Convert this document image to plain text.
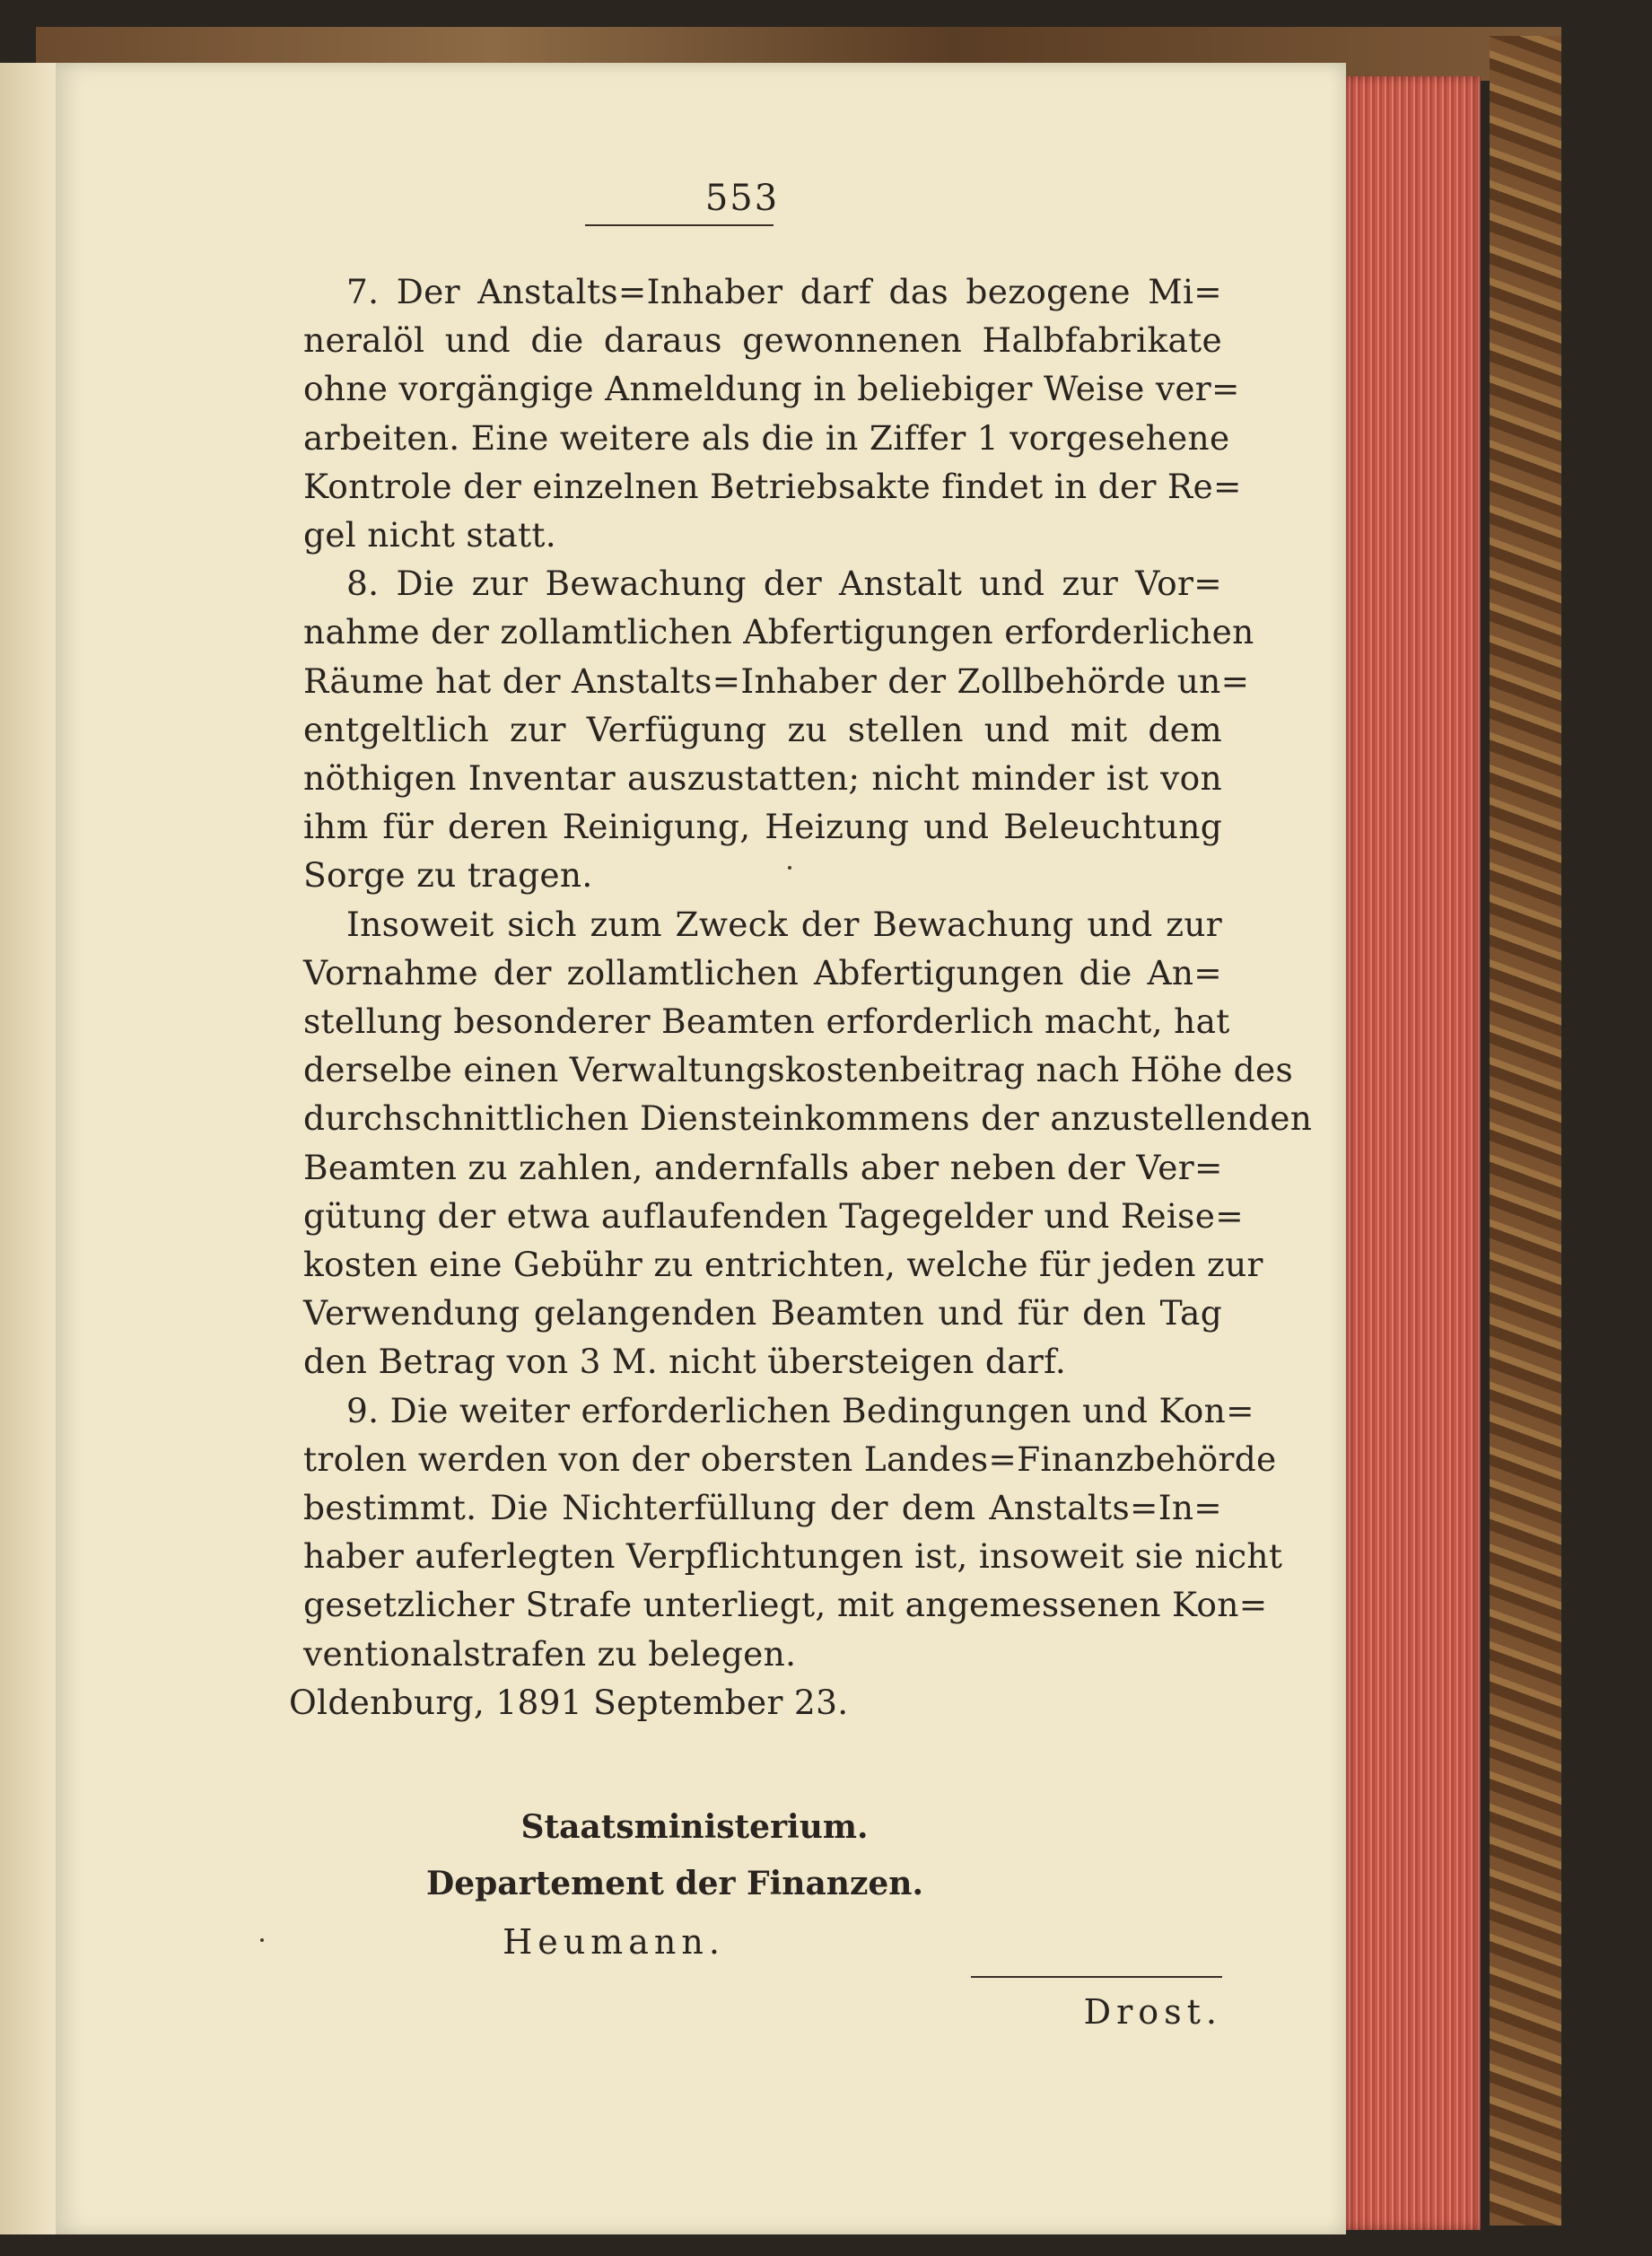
553
7. Der Anstalts=Inhaber darf das bezogene Mi=
neralöl und die daraus gewonnenen Halbfabrikate
ohne vorgängige Anmeldung in beliebiger Weise ver=
arbeiten. Eine weitere als die in Ziffer 1 vorgesehene
Kontrole der einzelnen Betriebsakte findet in der Re=
gel nicht statt.
8. Die zur Bewachung der Anstalt und zur Vor=
nahme der zollamtlichen Abfertigungen erforderlichen
Räume hat der Anstalts=Inhaber der Zollbehörde un=
entgeltlich zur Verfügung zu stellen und mit dem
nöthigen Inventar auszustatten; nicht minder ist von
ihm für deren Reinigung, Heizung und Beleuchtung
Sorge zu tragen.
Insoweit sich zum Zweck der Bewachung und zur
Vornahme der zollamtlichen Abfertigungen die An=
stellung besonderer Beamten erforderlich macht, hat
derselbe einen Verwaltungskostenbeitrag nach Höhe des
durchschnittlichen Diensteinkommens der anzustellenden
Beamten zu zahlen, andernfalls aber neben der Ver=
gütung der etwa auflaufenden Tagegelder und Reise=
kosten eine Gebühr zu entrichten, welche für jeden zur
Verwendung gelangenden Beamten und für den Tag
den Betrag von 3 M. nicht übersteigen darf.
9. Die weiter erforderlichen Bedingungen und Kon=
trolen werden von der obersten Landes=Finanzbehörde
bestimmt. Die Nichterfüllung der dem Anstalts=In=
haber auferlegten Verpflichtungen ist, insoweit sie nicht
gesetzlicher Strafe unterliegt, mit angemessenen Kon=
ventionalstrafen zu belegen.
Oldenburg, 1891 September 23.
Staatsministerium.
Departement der Finanzen.
Heumann.
Drost.
